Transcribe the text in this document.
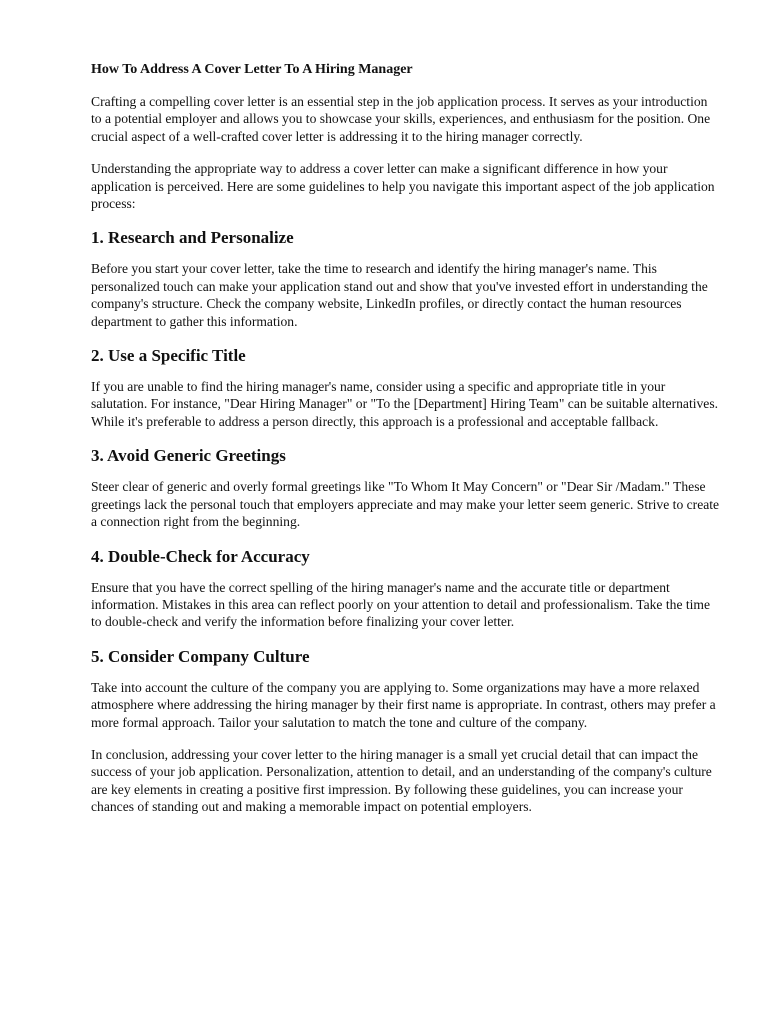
How To Address A Cover Letter To A Hiring Manager

Crafting a compelling cover letter is an essential step in the job application process. It serves as your introduction to a potential employer and allows you to showcase your skills, experiences, and enthusiasm for the position. One crucial aspect of a well-crafted cover letter is addressing it to the hiring manager correctly.

Understanding the appropriate way to address a cover letter can make a significant difference in how your application is perceived. Here are some guidelines to help you navigate this important aspect of the job application process:

1. Research and Personalize

Before you start your cover letter, take the time to research and identify the hiring manager's name. This personalized touch can make your application stand out and show that you've invested effort in understanding the company's structure. Check the company website, LinkedIn profiles, or directly contact the human resources department to gather this information.

2. Use a Specific Title

If you are unable to find the hiring manager's name, consider using a specific and appropriate title in your salutation. For instance, "Dear Hiring Manager" or "To the [Department] Hiring Team" can be suitable alternatives. While it's preferable to address a person directly, this approach is a professional and acceptable fallback.

3. Avoid Generic Greetings

Steer clear of generic and overly formal greetings like "To Whom It May Concern" or "Dear Sir /Madam." These greetings lack the personal touch that employers appreciate and may make your letter seem generic. Strive to create a connection right from the beginning.

4. Double-Check for Accuracy

Ensure that you have the correct spelling of the hiring manager's name and the accurate title or department information. Mistakes in this area can reflect poorly on your attention to detail and professionalism. Take the time to double-check and verify the information before finalizing your cover letter.

5. Consider Company Culture

Take into account the culture of the company you are applying to. Some organizations may have a more relaxed atmosphere where addressing the hiring manager by their first name is appropriate. In contrast, others may prefer a more formal approach. Tailor your salutation to match the tone and culture of the company.

In conclusion, addressing your cover letter to the hiring manager is a small yet crucial detail that can impact the success of your job application. Personalization, attention to detail, and an understanding of the company's culture are key elements in creating a positive first impression. By following these guidelines, you can increase your chances of standing out and making a memorable impact on potential employers.
